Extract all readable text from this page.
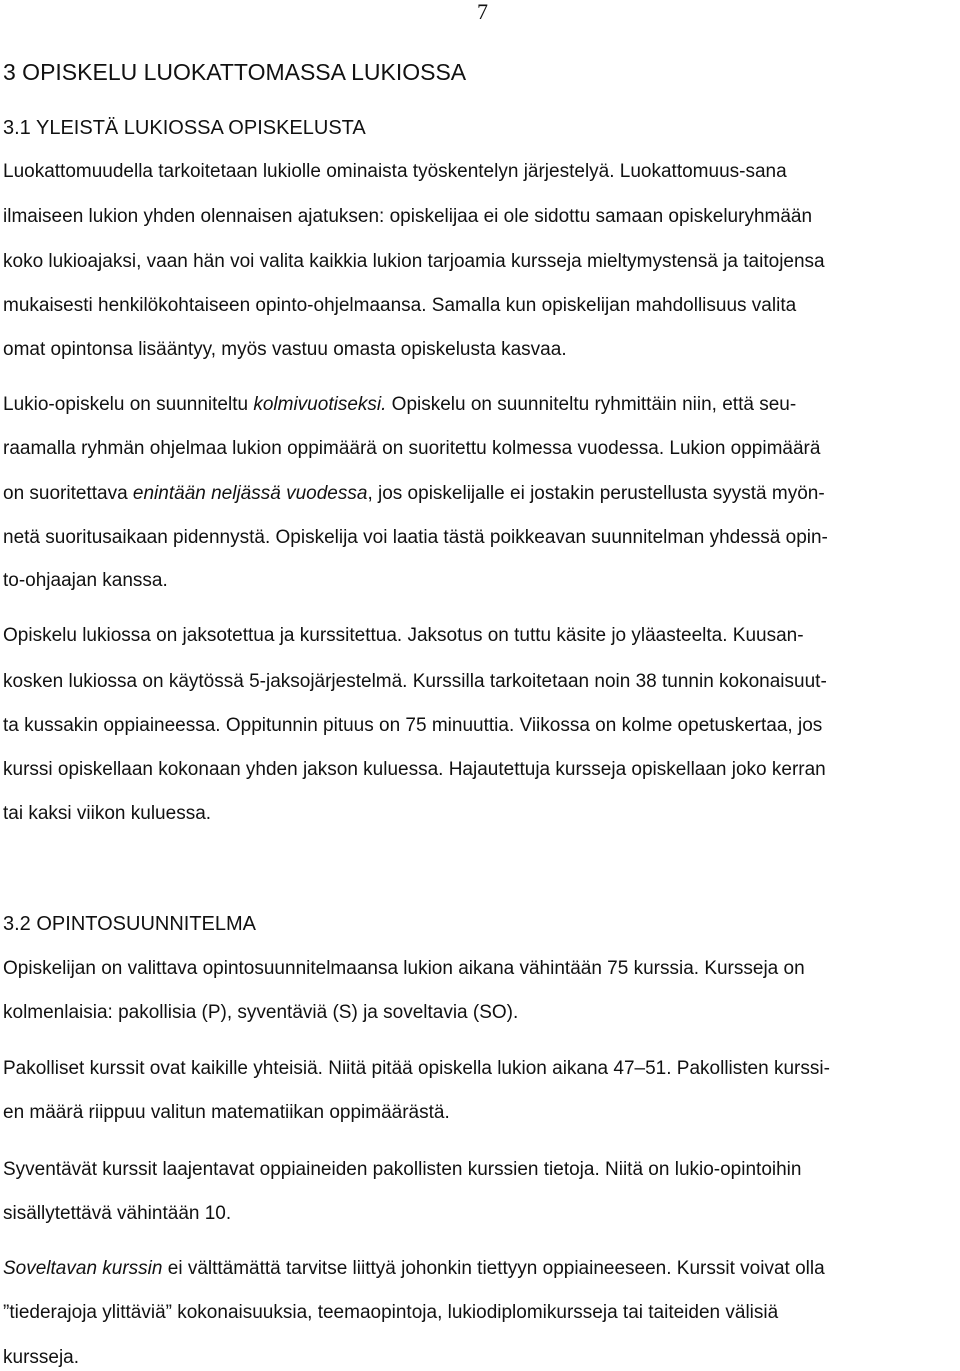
7
3 OPISKELU LUOKATTOMASSA LUKIOSSA
3.1 YLEISTÄ LUKIOSSA OPISKELUSTA
Luokattomuudella tarkoitetaan lukiolle ominaista työskentelyn järjestelyä. Luokattomuus-sana
ilmaiseen lukion yhden olennaisen ajatuksen: opiskelijaa ei ole sidottu samaan opiskeluryhmään
koko lukioajaksi, vaan hän voi valita kaikkia lukion tarjoamia kursseja mieltymystensä ja taitojensa
mukaisesti henkilökohtaiseen opinto-ohjelmaansa. Samalla kun opiskelijan mahdollisuus valita
omat opintonsa lisääntyy, myös vastuu omasta opiskelusta kasvaa.
Lukio-opiskelu on suunniteltu kolmivuotiseksi. Opiskelu on suunniteltu ryhmittäin niin, että seu-
raamalla ryhmän ohjelmaa lukion oppimäärä on suoritettu kolmessa vuodessa. Lukion oppimäärä
on suoritettava enintään neljässä vuodessa, jos opiskelijalle ei jostakin perustellusta syystä myön-
netä suoritusaikaan pidennystä. Opiskelija voi laatia tästä poikkeavan suunnitelman yhdessä opin-
to-ohjaajan kanssa.
Opiskelu lukiossa on jaksotettua ja kurssitettua. Jaksotus on tuttu käsite jo yläasteelta. Kuusan-
kosken lukiossa on käytössä 5-jaksojärjestelmä. Kurssilla tarkoitetaan noin 38 tunnin kokonaisuut-
ta kussakin oppiaineessa. Oppitunnin pituus on 75 minuuttia. Viikossa on kolme opetuskertaa, jos
kurssi opiskellaan kokonaan yhden jakson kuluessa. Hajautettuja kursseja opiskellaan joko kerran
tai kaksi viikon kuluessa.
3.2 OPINTOSUUNNITELMA
Opiskelijan on valittava opintosuunnitelmaansa lukion aikana vähintään 75 kurssia. Kursseja on
kolmenlaisia: pakollisia (P), syventäviä (S) ja soveltavia (SO).
Pakolliset kurssit ovat kaikille yhteisiä. Niitä pitää opiskella lukion aikana 47–51. Pakollisten kurssi-
en määrä riippuu valitun matematiikan oppimäärästä.
Syventävät kurssit laajentavat oppiaineiden pakollisten kurssien tietoja. Niitä on lukio-opintoihin
sisällytettävä vähintään 10.
Soveltavan kurssin ei välttämättä tarvitse liittyä johonkin tiettyyn oppiaineeseen. Kurssit voivat olla
”tiederajoja ylittäviä” kokonaisuuksia, teemaopintoja, lukiodiplomikursseja tai taiteiden välisiä
kursseja.
